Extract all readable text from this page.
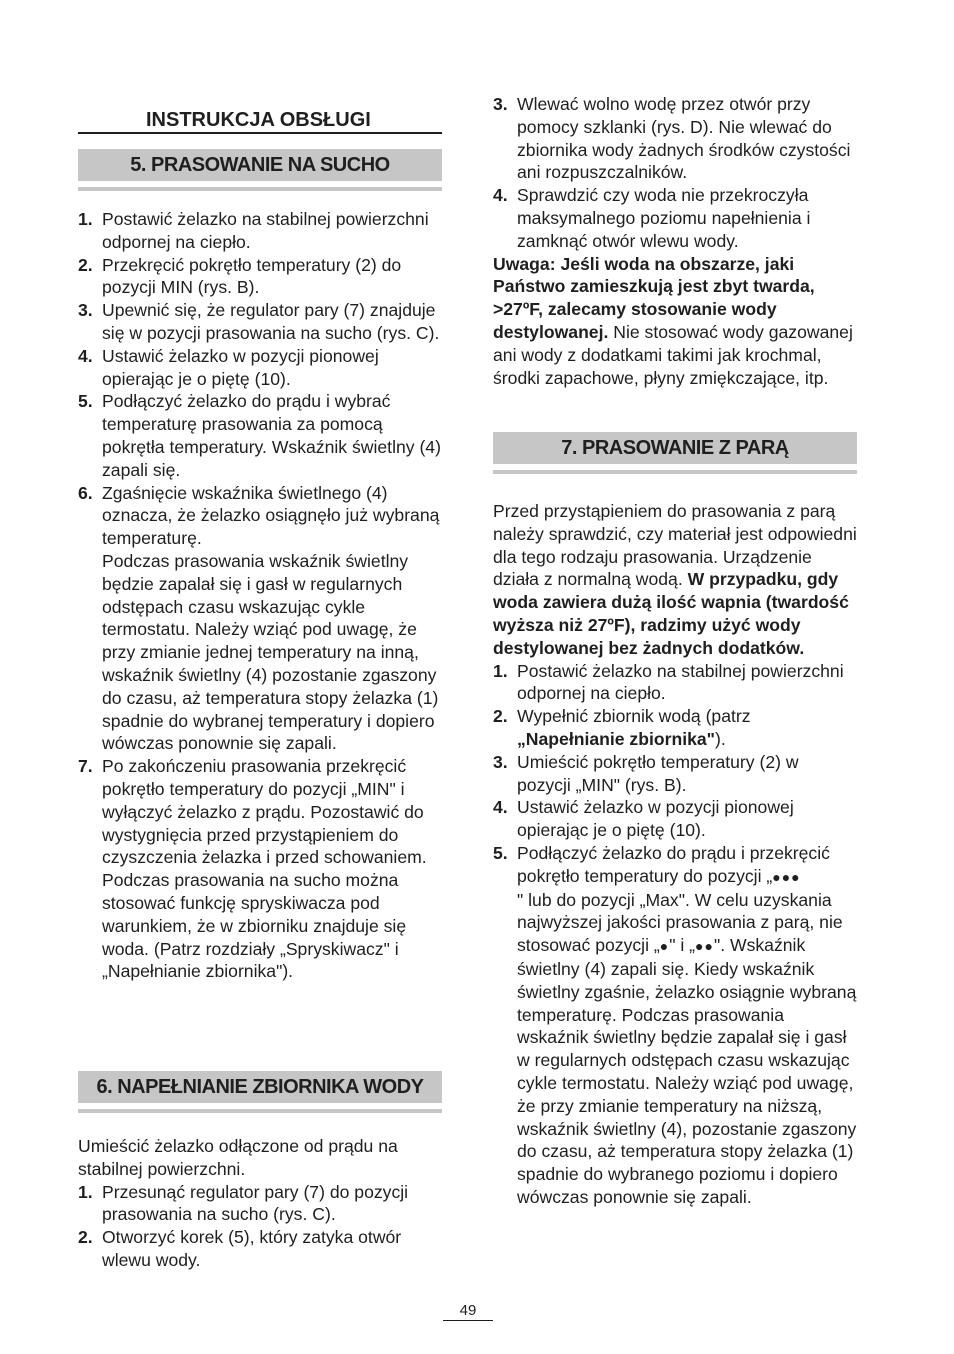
INSTRUKCJA OBSŁUGI
5. PRASOWANIE NA SUCHO
1. Postawić żelazko na stabilnej powierzchni odpornej na ciepło.
2. Przekręcić pokrętło temperatury (2) do pozycji MIN (rys. B).
3. Upewnić się, że regulator pary (7) znajduje się w pozycji prasowania na sucho (rys. C).
4. Ustawić żelazko w pozycji pionowej opierając je o piętę (10).
5. Podłączyć żelazko do prądu i wybrać temperaturę prasowania za pomocą pokrętła temperatury. Wskaźnik świetlny (4) zapali się.
6. Zgaśnięcie wskaźnika świetlnego (4) oznacza, że żelazko osiągnęło już wybraną temperaturę.
Podczas prasowania wskaźnik świetlny będzie zapalał się i gasł w regularnych odstępach czasu wskazując cykle termostatu. Należy wziąć pod uwagę, że przy zmianie jednej temperatury na inną, wskaźnik świetlny (4) pozostanie zgaszony do czasu, aż temperatura stopy żelazka (1) spadnie do wybranej temperatury i dopiero wówczas ponownie się zapali.
7. Po zakończeniu prasowania przekręcić pokrętło temperatury do pozycji „MIN" i wyłączyć żelazko z prądu. Pozostawić do wystygnięcia przed przystąpieniem do czyszczenia żelazka i przed schowaniem.
Podczas prasowania na sucho można stosować funkcję spryskiwacza pod warunkiem, że w zbiorniku znajduje się woda. (Patrz rozdziały „Spryskiwacz" i „Napełnianie zbiornika").
6. NAPEŁNIANIE ZBIORNIKA WODY

Umieścić żelazko odłączone od prądu na stabilnej powierzchni.

1. Przesunąć regulator pary (7) do pozycji prasowania na sucho (rys. C).
2. Otworzyć korek (5), który zatyka otwór wlewu wody.
3. Wlewać wolno wodę przez otwór przy pomocy szklanki (rys. D). Nie wlewać do zbiornika wody żadnych środków czystości ani rozpuszczalników.
4. Sprawdzić czy woda nie przekroczyła maksymalnego poziomu napełnienia i zamknąć otwór wlewu wody.

Uwaga: Jeśli woda na obszarze, jaki Państwo zamieszkują jest zbyt twarda, >27ºF, zalecamy stosowanie wody destylowanej. Nie stosować wody gazowanej ani wody z dodatkami takimi jak krochmal, środki zapachowe, płyny zmiękczające, itp.

7. PRASOWANIE Z PARĄ

Przed przystąpieniem do prasowania z parą należy sprawdzić, czy materiał jest odpowiedni dla tego rodzaju prasowania. Urządzenie działa z normalną wodą. W przypadku, gdy woda zawiera dużą ilość wapnia (twardość wyższa niż 27ºF), radzimy użyć wody destylowanej bez żadnych dodatków.

1. Postawić żelazko na stabilnej powierzchni odpornej na ciepło.
2. Wypełnić zbiornik wodą (patrz „Napełnianie zbiornika").
3. Umieścić pokrętło temperatury (2) w pozycji „MIN" (rys. B).
4. Ustawić żelazko w pozycji pionowej opierając je o piętę (10).
5. Podłączyć żelazko do prądu i przekręcić pokrętło temperatury do pozycji „●●●
" lub do pozycji „Max". W celu uzyskania najwyższej jakości prasowania z parą, nie stosować pozycji „●" i „●●". Wskaźnik świetlny (4) zapali się. Kiedy wskaźnik świetlny zgaśnie, żelazko osiągnie wybraną temperaturę. Podczas prasowania wskaźnik świetlny będzie zapalał się i gasł w regularnych odstępach czasu wskazując cykle termostatu. Należy wziąć pod uwagę, że przy zmianie temperatury na niższą, wskaźnik świetlny (4), pozostanie zgaszony do czasu, aż temperatura stopy żelazka (1) spadnie do wybranego poziomu i dopiero wówczas ponownie się zapali.
49
